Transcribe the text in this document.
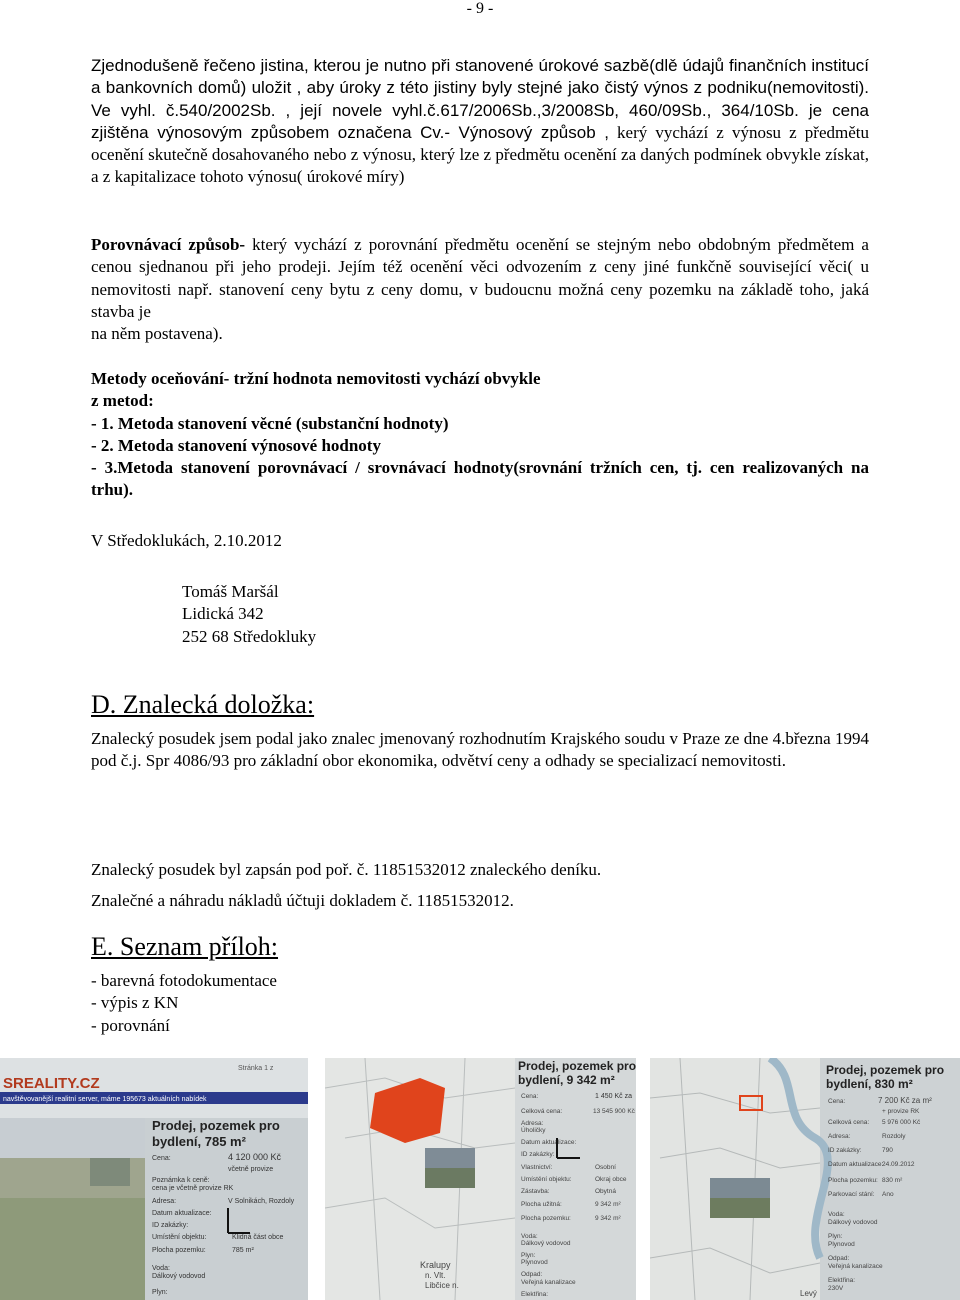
- 9 -
Zjednodušeně řečeno jistina, kterou je nutno při stanovené úrokové sazbě(dlě údajů finančních institucí a bankovních domů) uložit , aby úroky z této jistiny byly stejné jako čistý výnos z podniku(nemovitosti). Ve vyhl. č.540/2002Sb. , její novele vyhl.č.617/2006Sb.,3/2008Sb, 460/09Sb., 364/10Sb. je cena zjištěna výnosovým způsobem označena Cv.- Výnosový způsob , kerý vychází z výnosu z předmětu ocenění skutečně dosahovaného nebo z výnosu, který lze z předmětu ocenění za daných podmínek obvykle získat, a z kapitalizace tohoto výnosu( úrokové míry)
Porovnávací způsob- který vychází z porovnání předmětu ocenění se stejným nebo obdobným předmětem a cenou sjednanou při jeho prodeji. Jejím též ocenění věci odvozením z ceny jiné funkčně související věci( u nemovitosti např. stanovení ceny bytu z ceny domu, v budoucnu možná ceny pozemku na základě toho, jaká stavba je
na něm postavena).
Metody oceňování- tržní hodnota nemovitosti vychází obvykle
z metod:
- 1. Metoda stanovení věcné (substanční hodnoty)
- 2. Metoda stanovení výnosové hodnoty
- 3.Metoda stanovení porovnávací / srovnávací hodnoty(srovnání tržních cen, tj. cen realizovaných na trhu).
V Středoklukách, 2.10.2012
Tomáš Maršál
Lidická 342
252 68 Středokluky
D. Znalecká doložka:
Znalecký posudek jsem podal jako znalec jmenovaný rozhodnutím Krajského soudu v Praze ze dne 4.března 1994 pod č.j. Spr 4086/93 pro základní obor ekonomika, odvětví ceny a odhady se specializací nemovitosti.
Znalecký posudek byl zapsán pod poř. č. 11851532012 znaleckého deníku.
Znalečné a náhradu nákladů účtuji dokladem č. 11851532012.
E. Seznam příloh:
- barevná fotodokumentace
- výpis z KN
- porovnání
SREALITY.CZ
Stránka 1 z
navštěvovanější realitní server, máme 195673 aktuálních nabídek
Prodej, pozemek pro
bydlení, 785 m²
Cena:	4 120 000 Kč
včetně provize
Poznámka k ceně:
cena je včetně provize RK
Adresa:	V Solnikách, Rozdoly
Datum aktualizace:
ID zakázky:
Umístění objektu:	Klidná část obce
Plocha pozemku:	785 m²
Voda:
Dálkový vodovod
Plyn:
Kralupy
n. Vlt.
Libčice n.
Prodej, pozemek pro
bydlení, 9 342 m²
1 450 Kč za
Cena:
Celková cena:	13 545 900 Kč
Adresa:
Úholičky
Datum aktualizace:
ID zakázky:
Vlastnictví:	Osobní
Umístění objektu:	Okraj obce
Zástavba:	Obytná
Plocha užitná:	9 342 m²
Plocha pozemku:	9 342 m²
Voda:
Dálkový vodovod
Plyn:
Plynovod
Odpad:
Veřejná kanalizace
Elektřina:	Levý
Prodej, pozemek pro
bydlení, 830 m²
Cena:	7 200 Kč za m²
+ provize RK
Celková cena: 5 976 000 Kč
Adresa:	Rozdoly
ID zakázky:	790
Datum aktualizace:
24.09.2012
Plocha pozemku: 830 m²
Parkovací stání: Ano
Voda:
Dálkový vodovod
Plyn:
Plynovod
Odpad:
Veřejná kanalizace
Elektřina:
230V
